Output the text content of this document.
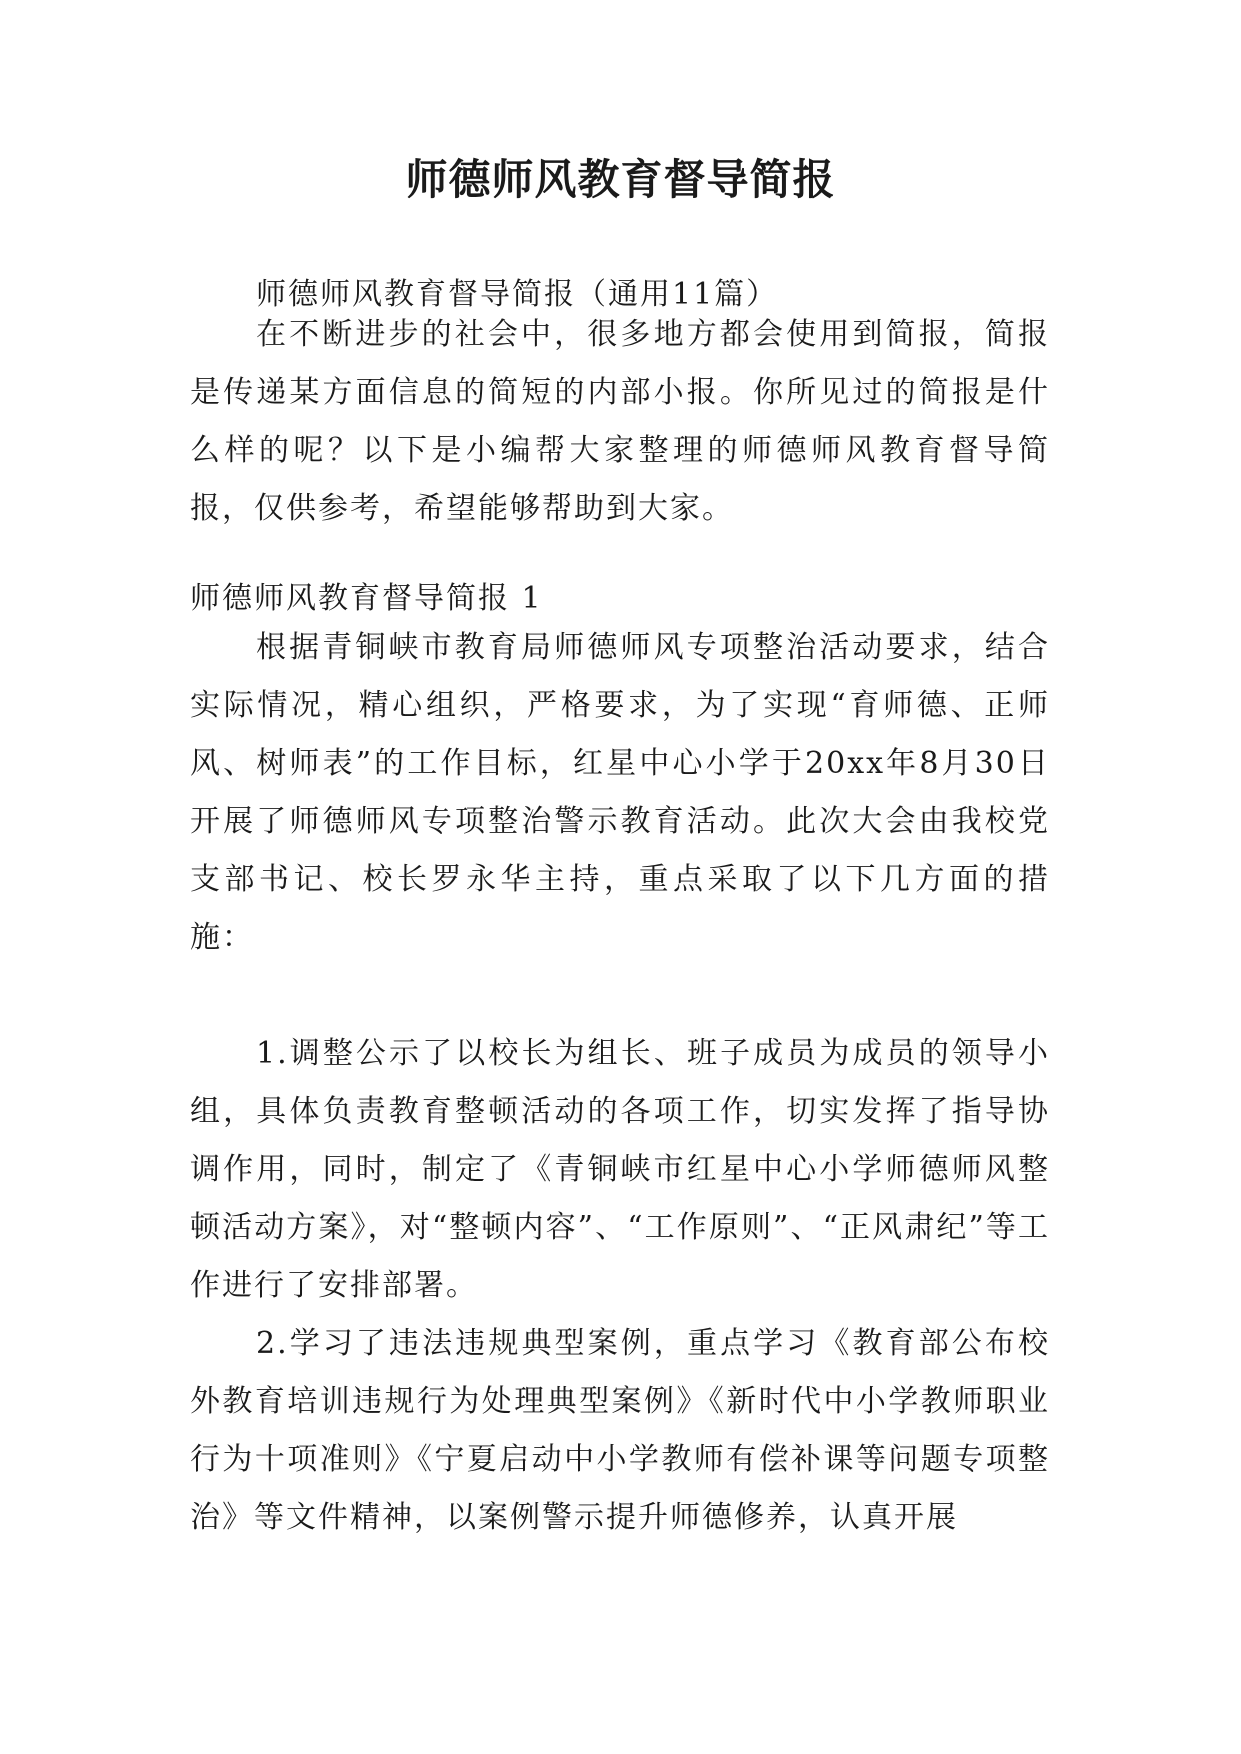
师德师风教育督导简报

师德师风教育督导简报（通用11篇）

在不断进步的社会中，很多地方都会使用到简报，简报是传递某方面信息的简短的内部小报。你所见过的简报是什么样的呢？以下是小编帮大家整理的师德师风教育督导简报，仅供参考，希望能够帮助到大家。

师德师风教育督导简报 1

根据青铜峡市教育局师德师风专项整治活动要求，结合实际情况，精心组织，严格要求，为了实现“育师德、正师风、树师表”的工作目标，红星中心小学于20xx年8月30日开展了师德师风专项整治警示教育活动。此次大会由我校党支部书记、校长罗永华主持，重点采取了以下几方面的措施：

1.调整公示了以校长为组长、班子成员为成员的领导小组，具体负责教育整顿活动的各项工作，切实发挥了指导协调作用，同时，制定了《青铜峡市红星中心小学师德师风整顿活动方案》，对“整顿内容”、“工作原则”、“正风肃纪”等工作进行了安排部署。

2.学习了违法违规典型案例，重点学习《教育部公布校外教育培训违规行为处理典型案例》《新时代中小学教师职业行为十项准则》《宁夏启动中小学教师有偿补课等问题专项整治》等文件精神，以案例警示提升师德修养，认真开展
